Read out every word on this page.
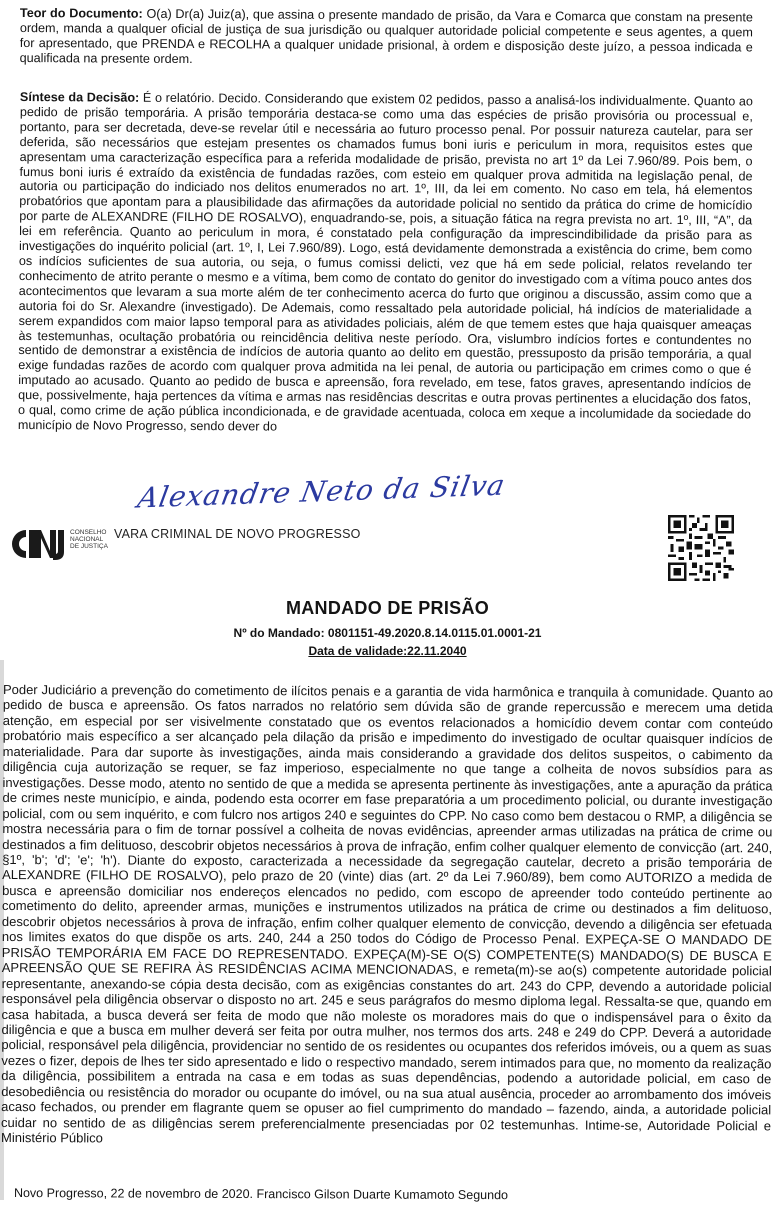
Teor do Documento: O(a) Dr(a) Juiz(a), que assina o presente mandado de prisão, da Vara e Comarca que constam na presente ordem, manda a qualquer oficial de justiça de sua jurisdição ou qualquer autoridade policial competente e seus agentes, a quem for apresentado, que PRENDA e RECOLHA a qualquer unidade prisional, à ordem e disposição deste juízo, a pessoa indicada e qualificada na presente ordem.

Síntese da Decisão: É o relatório. Decido. Considerando que existem 02 pedidos, passo a analisá-los individualmente. Quanto ao pedido de prisão temporária. A prisão temporária destaca-se como uma das espécies de prisão provisória ou processual e, portanto, para ser decretada, deve-se revelar útil e necessária ao futuro processo penal. Por possuir natureza cautelar, para ser deferida, são necessários que estejam presentes os chamados fumus boni iuris e periculum in mora, requisitos estes que apresentam uma caracterização específica para a referida modalidade de prisão, prevista no art 1º da Lei 7.960/89. Pois bem, o fumus boni iuris é extraído da existência de fundadas razões, com esteio em qualquer prova admitida na legislação penal, de autoria ou participação do indiciado nos delitos enumerados no art. 1º, III, da lei em comento. No caso em tela, há elementos probatórios que apontam para a plausibilidade das afirmações da autoridade policial no sentido da prática do crime de homicídio por parte de ALEXANDRE (FILHO DE ROSALVO), enquadrando-se, pois, a situação fática na regra prevista no art. 1º, III, “A”, da lei em referência. Quanto ao periculum in mora, é constatado pela configuração da imprescindibilidade da prisão para as investigações do inquérito policial (art. 1º, I, Lei 7.960/89). Logo, está devidamente demonstrada a existência do crime, bem como os indícios suficientes de sua autoria, ou seja, o fumus comissi delicti, vez que há em sede policial, relatos revelando ter conhecimento de atrito perante o mesmo e a vítima, bem como de contato do genitor do investigado com a vítima pouco antes dos acontecimentos que levaram a sua morte além de ter conhecimento acerca do furto que originou a discussão, assim como que a autoria foi do Sr. Alexandre (investigado). De Ademais, como ressaltado pela autoridade policial, há indícios de materialidade a serem expandidos com maior lapso temporal para as atividades policiais, além de que temem estes que haja quaisquer ameaças às testemunhas, ocultação probatória ou reincidência delitiva neste período. Ora, vislumbro indícios fortes e contundentes no sentido de demonstrar a existência de indícios de autoria quanto ao delito em questão, pressuposto da prisão temporária, a qual exige fundadas razões de acordo com qualquer prova admitida na lei penal, de autoria ou participação em crimes como o que é imputado ao acusado. Quanto ao pedido de busca e apreensão, fora revelado, em tese, fatos graves, apresentando indícios de que, possivelmente, haja pertences da vítima e armas nas residências descritas e outra provas pertinentes a elucidação dos fatos, o qual, como crime de ação pública incondicionada, e de gravidade acentuada, coloca em xeque a incolumidade da sociedade do município de Novo Progresso, sendo dever do

Alexandre Neto da Silva
CONSELHO
NACIONAL
DE JUSTIÇA
VARA CRIMINAL DE NOVO PROGRESSO
MANDADO DE PRISÃO
Nº do Mandado: 0801151-49.2020.8.14.0115.01.0001-21
Data de validade:22.11.2040

Poder Judiciário a prevenção do cometimento de ilícitos penais e a garantia de vida harmônica e tranquila à comunidade. Quanto ao pedido de busca e apreensão. Os fatos narrados no relatório sem dúvida são de grande repercussão e merecem uma detida atenção, em especial por ser visivelmente constatado que os eventos relacionados a homicídio devem contar com conteúdo probatório mais específico a ser alcançado pela dilação da prisão e impedimento do investigado de ocultar quaisquer indícios de materialidade. Para dar suporte às investigações, ainda mais considerando a gravidade dos delitos suspeitos, o cabimento da diligência cuja autorização se requer, se faz imperioso, especialmente no que tange a colheita de novos subsídios para as investigações. Desse modo, atento no sentido de que a medida se apresenta pertinente às investigações, ante a apuração da prática de crimes neste município, e ainda, podendo esta ocorrer em fase preparatória a um procedimento policial, ou durante investigação policial, com ou sem inquérito, e com fulcro nos artigos 240 e seguintes do CPP. No caso como bem destacou o RMP, a diligência se mostra necessária para o fim de tornar possível a colheita de novas evidências, apreender armas utilizadas na prática de crime ou destinados a fim delituoso, descobrir objetos necessários à prova de infração, enfim colher qualquer elemento de convicção (art. 240, §1º, 'b'; 'd'; 'e'; 'h'). Diante do exposto, caracterizada a necessidade da segregação cautelar, decreto a prisão temporária de ALEXANDRE (FILHO DE ROSALVO), pelo prazo de 20 (vinte) dias (art. 2º da Lei 7.960/89), bem como AUTORIZO a medida de busca e apreensão domiciliar nos endereços elencados no pedido, com escopo de apreender todo conteúdo pertinente ao cometimento do delito, apreender armas, munições e instrumentos utilizados na prática de crime ou destinados a fim delituoso, descobrir objetos necessários à prova de infração, enfim colher qualquer elemento de convicção, devendo a diligência ser efetuada nos limites exatos do que dispõe os arts. 240, 244 a 250 todos do Código de Processo Penal. EXPEÇA-SE O MANDADO DE PRISÃO TEMPORÁRIA EM FACE DO REPRESENTADO. EXPEÇA(M)-SE O(S) COMPETENTE(S) MANDADO(S) DE BUSCA E APREENSÃO QUE SE REFIRA ÀS RESIDÊNCIAS ACIMA MENCIONADAS, e remeta(m)-se ao(s) competente autoridade policial representante, anexando-se cópia desta decisão, com as exigências constantes do art. 243 do CPP, devendo a autoridade policial responsável pela diligência observar o disposto no art. 245 e seus parágrafos do mesmo diploma legal. Ressalta-se que, quando em casa habitada, a busca deverá ser feita de modo que não moleste os moradores mais do que o indispensável para o êxito da diligência e que a busca em mulher deverá ser feita por outra mulher, nos termos dos arts. 248 e 249 do CPP. Deverá a autoridade policial, responsável pela diligência, providenciar no sentido de os residentes ou ocupantes dos referidos imóveis, ou a quem as suas vezes o fizer, depois de lhes ter sido apresentado e lido o respectivo mandado, serem intimados para que, no momento da realização da diligência, possibilitem a entrada na casa e em todas as suas dependências, podendo a autoridade policial, em caso de desobediência ou resistência do morador ou ocupante do imóvel, ou na sua atual ausência, proceder ao arrombamento dos imóveis acaso fechados, ou prender em flagrante quem se opuser ao fiel cumprimento do mandado – fazendo, ainda, a autoridade policial cuidar no sentido de as diligências serem preferencialmente presenciadas por 02 testemunhas. Intime-se, Autoridade Policial e Ministério Público

Novo Progresso, 22 de novembro de 2020. Francisco Gilson Duarte Kumamoto Segundo
